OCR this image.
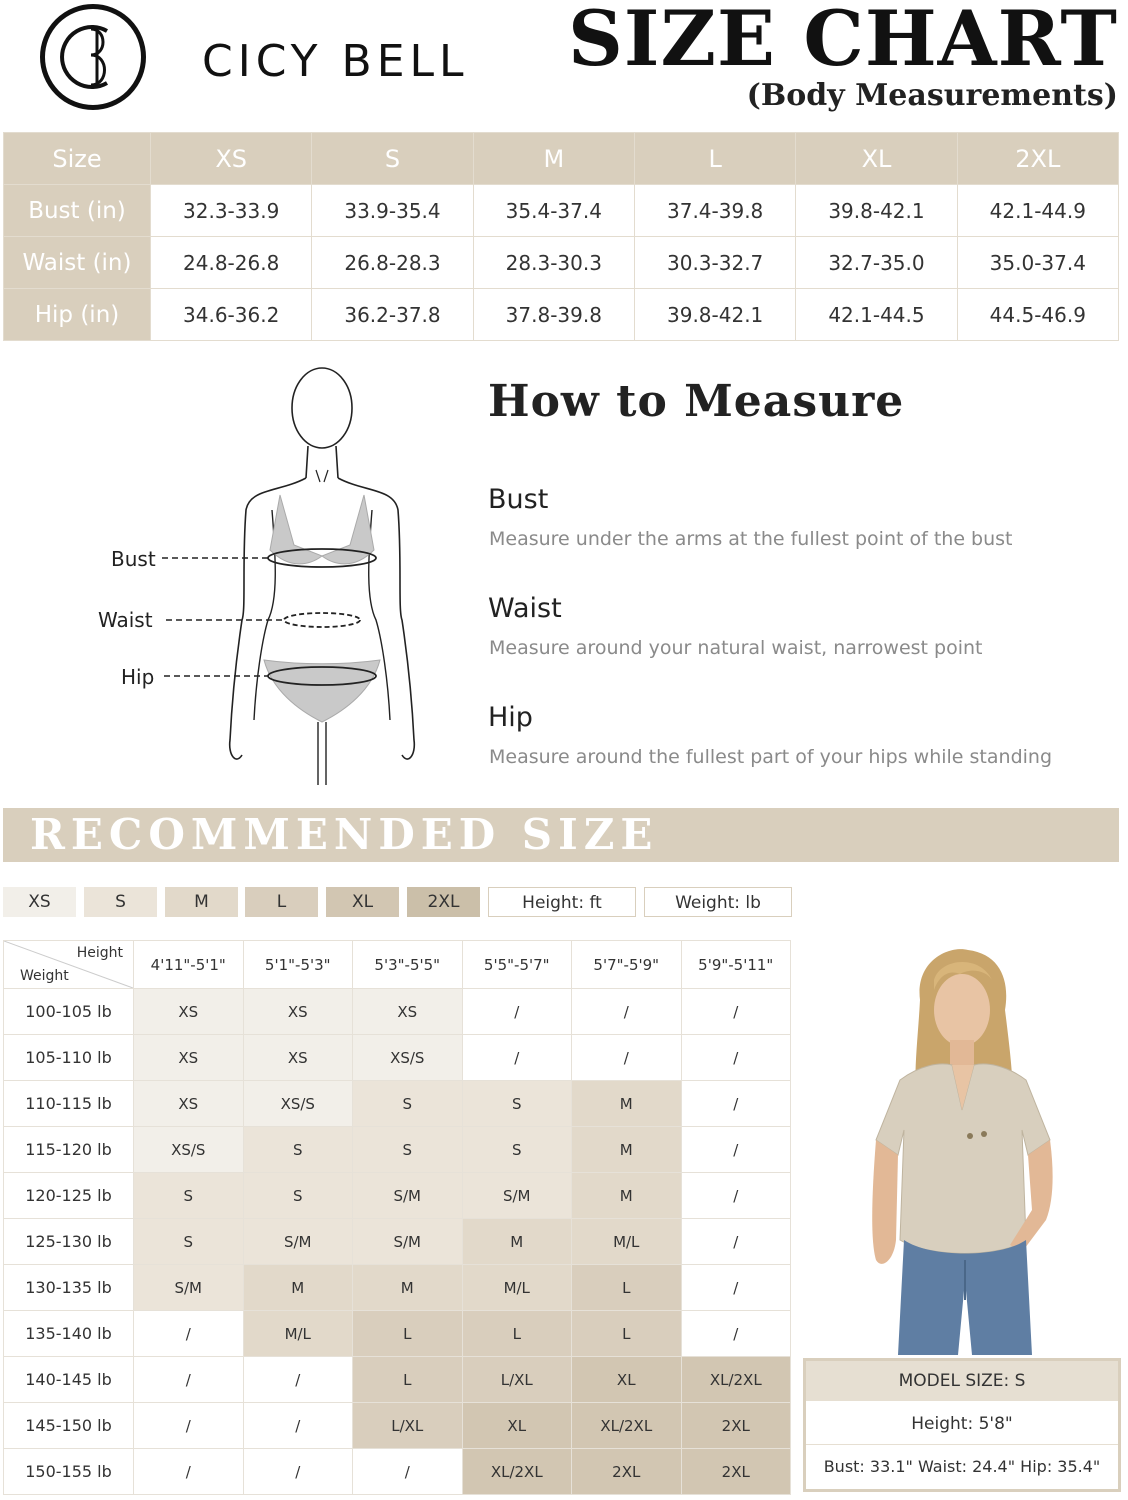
CICY BELL SIZE CHART
(Body Measurements)
Size	XS	S	M	L	XL	2XL
Bust (in)	32.3-33.9	33.9-35.4	35.4-37.4	37.4-39.8	39.8-42.1	42.1-44.9
Waist (in)	24.8-26.8	26.8-28.3	28.3-30.3	30.3-32.7	32.7-35.0	35.0-37.4
Hip (in)	34.6-36.2	36.2-37.8	37.8-39.8	39.8-42.1	42.1-44.5	44.5-46.9
Bust
Waist
Hip
How to Measure
Bust
Measure under the arms at the fullest point of the bust
Waist
Measure around your natural waist, narrowest point
Hip
Measure around the fullest part of your hips while standing
RECOMMENDED SIZE
XS	S	M	L	XL	2XL	Height: ft	Weight: lb
Height
Weight	4'11"-5'1"	5'1"-5'3"	5'3"-5'5"	5'5"-5'7"	5'7"-5'9"	5'9"-5'11"
100-105 lb	XS	XS	XS	/	/	/
105-110 lb	XS	XS	XS/S	/	/	/
110-115 lb	XS	XS/S	S	S	M	/
115-120 lb	XS/S	S	S	S	M	/
120-125 lb	S	S	S/M	S/M	M	/
125-130 lb	S	S/M	S/M	M	M/L	/
130-135 lb	S/M	M	M	M/L	L	/
135-140 lb	/	M/L	L	L	L	/
140-145 lb	/	/	L	L/XL	XL	XL/2XL
145-150 lb	/	/	L/XL	XL	XL/2XL	2XL
150-155 lb	/	/	/	XL/2XL	2XL	2XL
MODEL SIZE: S
Height: 5'8"
Bust: 33.1" Waist: 24.4" Hip: 35.4"
